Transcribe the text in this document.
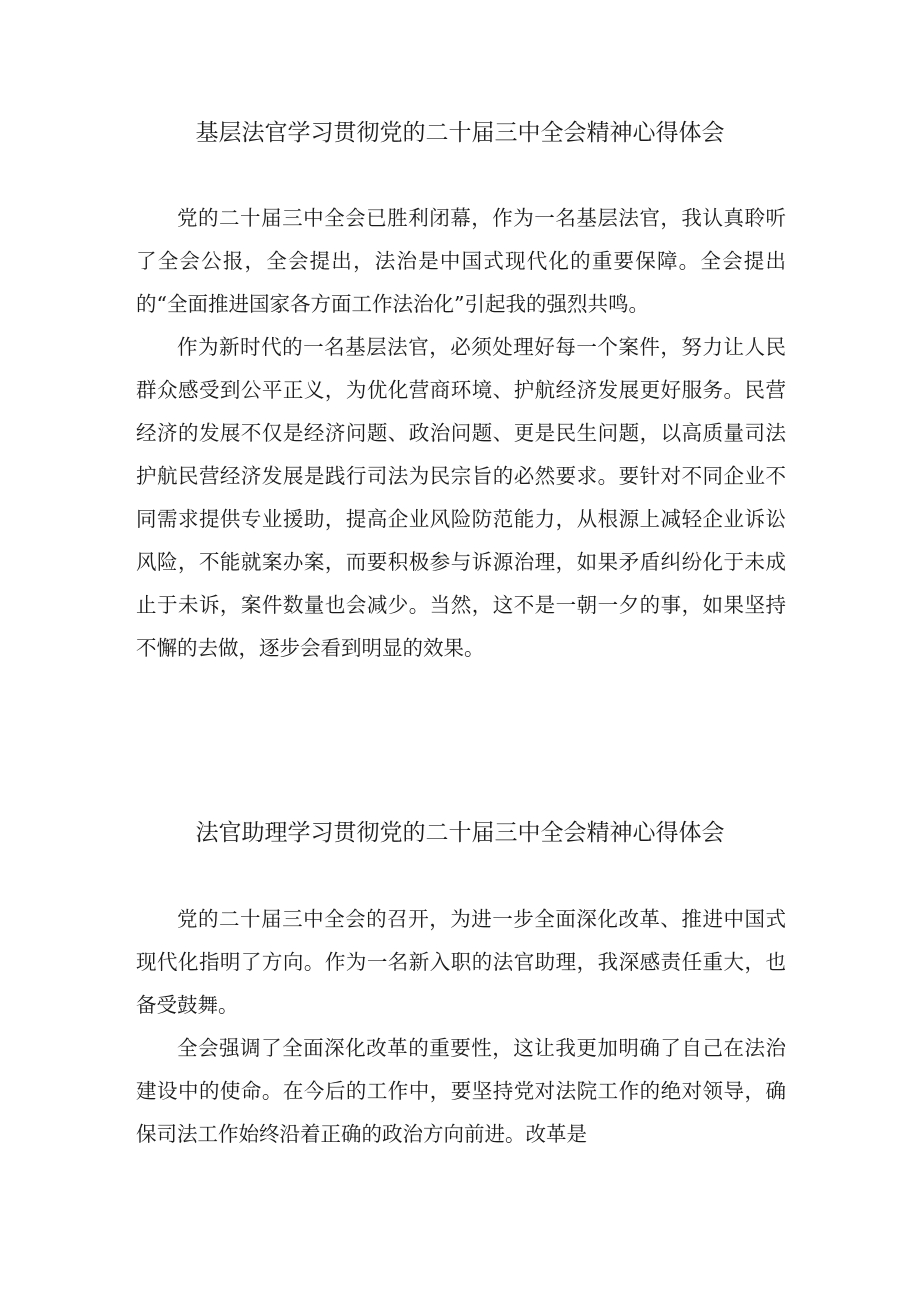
基层法官学习贯彻党的二十届三中全会精神心得体会

党的二十届三中全会已胜利闭幕，作为一名基层法官，我认真聆听了全会公报，全会提出，法治是中国式现代化的重要保障。全会提出的“全面推进国家各方面工作法治化”引起我的强烈共鸣。

作为新时代的一名基层法官，必须处理好每一个案件，努力让人民群众感受到公平正义，为优化营商环境、护航经济发展更好服务。民营经济的发展不仅是经济问题、政治问题、更是民生问题，以高质量司法护航民营经济发展是践行司法为民宗旨的必然要求。要针对不同企业不同需求提供专业援助，提高企业风险防范能力，从根源上减轻企业诉讼风险，不能就案办案，而要积极参与诉源治理，如果矛盾纠纷化于未成止于未诉，案件数量也会减少。当然，这不是一朝一夕的事，如果坚持不懈的去做，逐步会看到明显的效果。

法官助理学习贯彻党的二十届三中全会精神心得体会

党的二十届三中全会的召开，为进一步全面深化改革、推进中国式现代化指明了方向。作为一名新入职的法官助理，我深感责任重大，也备受鼓舞。

全会强调了全面深化改革的重要性，这让我更加明确了自己在法治建设中的使命。在今后的工作中，要坚持党对法院工作的绝对领导，确保司法工作始终沿着正确的政治方向前进。改革是
